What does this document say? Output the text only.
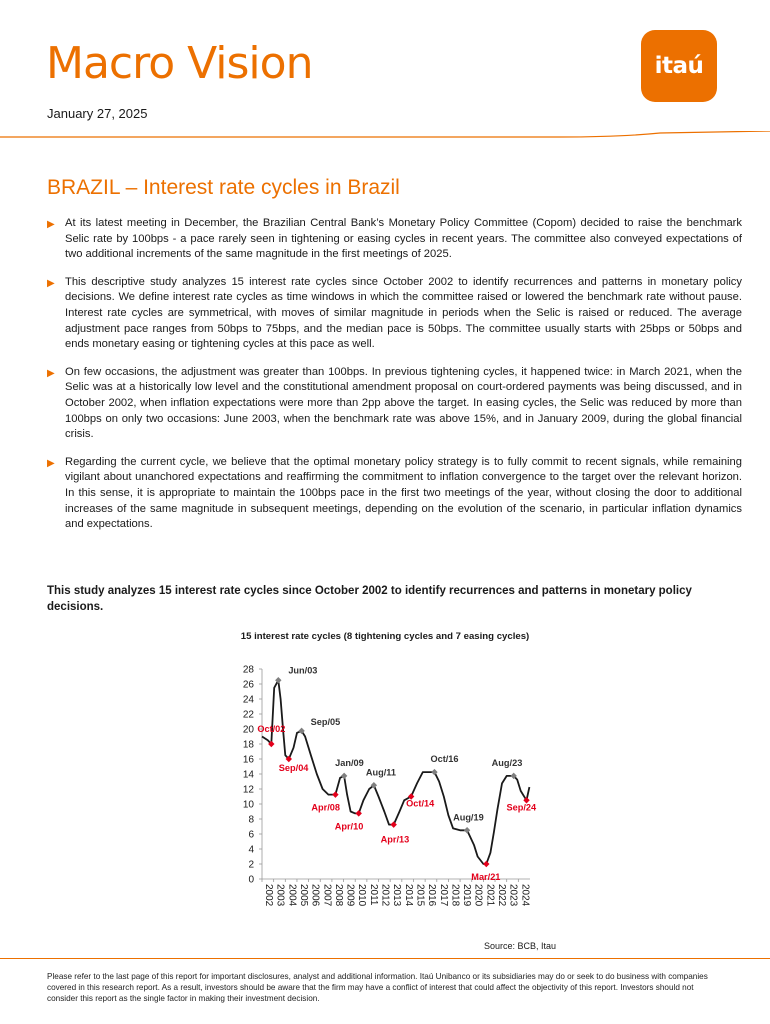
Macro Vision
January 27, 2025
itaú
BRAZIL – Interest rate cycles in Brazil
▶ At its latest meeting in December, the Brazilian Central Bank’s Monetary Policy Committee (Copom) decided to raise the benchmark Selic rate by 100bps - a pace rarely seen in tightening or easing cycles in recent years. The committee also conveyed expectations of two additional increments of the same magnitude in the first meetings of 2025.
▶ This descriptive study analyzes 15 interest rate cycles since October 2002 to identify recurrences and patterns in monetary policy decisions. We define interest rate cycles as time windows in which the committee raised or lowered the benchmark rate without pause. Interest rate cycles are symmetrical, with moves of similar magnitude in periods when the Selic is raised or reduced. The average adjustment pace ranges from 50bps to 75bps, and the median pace is 50bps. The committee usually starts with 25bps or 50bps and ends monetary easing or tightening cycles at this pace as well.
▶ On few occasions, the adjustment was greater than 100bps. In previous tightening cycles, it happened twice: in March 2021, when the Selic was at a historically low level and the constitutional amendment proposal on court-ordered payments was being discussed, and in October 2002, when inflation expectations were more than 2pp above the target. In easing cycles, the Selic was reduced by more than 100bps on only two occasions: June 2003, when the benchmark rate was above 15%, and in January 2009, during the global financial crisis.
▶ Regarding the current cycle, we believe that the optimal monetary policy strategy is to fully commit to recent signals, while remaining vigilant about unanchored expectations and reaffirming the commitment to inflation convergence to the target over the relevant horizon. In this sense, it is appropriate to maintain the 100bps pace in the first two meetings of the year, without closing the door to additional increases of the same magnitude in subsequent meetings, depending on the evolution of the scenario, in particular inflation dynamics and expectations.
This study analyzes 15 interest rate cycles since October 2002 to identify recurrences and patterns in monetary policy decisions.
15 interest rate cycles (8 tightening cycles and 7 easing cycles)
0
2
4
6
8
10
12
14
16
18
20
22
24
26
28
2002 2003 2004 2005 2006 2007 2008 2009 2010 2011 2012 2013 2014 2015 2016 2017 2018 2019 2020 2021 2022 2023 2024
Jun/03
Oct/02
Sep/04
Sep/05
Apr/08
Jan/09
Apr/10
Aug/11
Apr/13
Oct/14
Oct/16
Aug/19
Mar/21
Aug/23
Sep/24
Source: BCB, Itau
Please refer to the last page of this report for important disclosures, analyst and additional information. Itaú Unibanco or its subsidiaries may do or seek to do business with companies covered in this research report. As a result, investors should be aware that the firm may have a conflict of interest that could affect the objectivity of this report. Investors should not consider this report as the single factor in making their investment decision.
